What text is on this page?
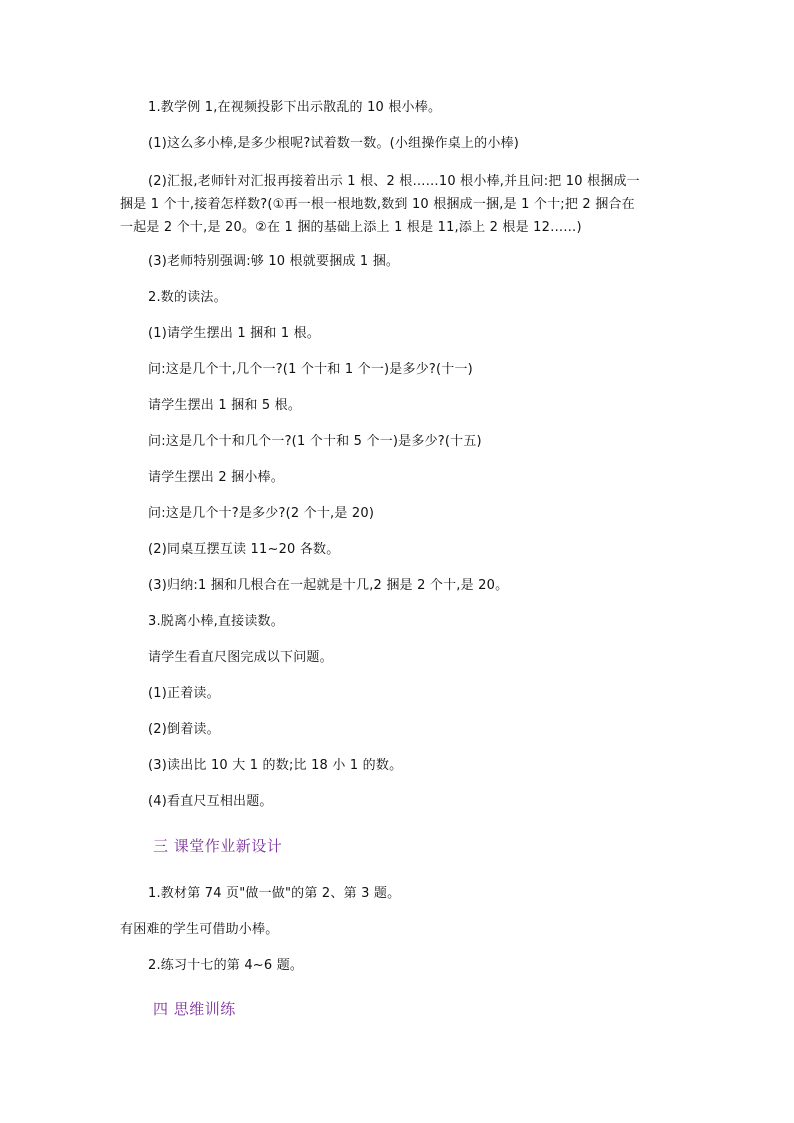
1.教学例 1,在视频投影下出示散乱的 10 根小棒。
(1)这么多小棒,是多少根呢?试着数一数。(小组操作桌上的小棒)
(2)汇报,老师针对汇报再接着出示 1 根、2 根……10 根小棒,并且问:把 10 根捆成一捆是 1 个十,接着怎样数?(①再一根一根地数,数到 10 根捆成一捆,是 1 个十;把 2 捆合在一起是 2 个十,是 20。②在 1 捆的基础上添上 1 根是 11,添上 2 根是 12……)
(3)老师特别强调:够 10 根就要捆成 1 捆。
2.数的读法。
(1)请学生摆出 1 捆和 1 根。
问:这是几个十,几个一?(1 个十和 1 个一)是多少?(十一)
请学生摆出 1 捆和 5 根。
问:这是几个十和几个一?(1 个十和 5 个一)是多少?(十五)
请学生摆出 2 捆小棒。
问:这是几个十?是多少?(2 个十,是 20)
(2)同桌互摆互读 11~20 各数。
(3)归纳:1 捆和几根合在一起就是十几,2 捆是 2 个十,是 20。
3.脱离小棒,直接读数。
请学生看直尺图完成以下问题。
(1)正着读。
(2)倒着读。
(3)读出比 10 大 1 的数;比 18 小 1 的数。
(4)看直尺互相出题。
三 课堂作业新设计
1.教材第 74 页"做一做"的第 2、第 3 题。
有困难的学生可借助小棒。
2.练习十七的第 4~6 题。
四 思维训练
